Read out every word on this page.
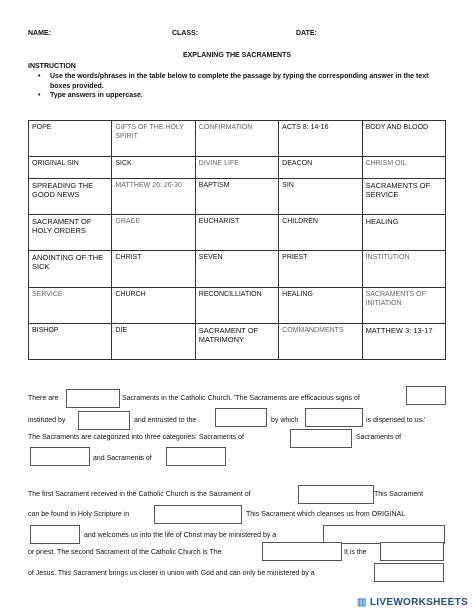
NAME:	CLASS:	DATE:
EXPLANING THE SACRAMENTS
INSTRUCTION
• Use the words/phrases in the table below to complete the passage by typing the corresponding answer in the text boxes provided.
• Type answers in uppercase.
POPE	GIFTS OF THE HOLY SPIRIT	CONFIRMATION	ACTS 8: 14-16	BODY AND BLOOD
ORIGINAL SIN	SICK	DIVINE LIFE	DEACON	CHRISM OIL
SPREADING THE GOOD NEWS	MATTHEW 26: 26-30	BAPTISM	SIN	SACRAMENTS OF SERVICE
SACRAMENT OF HOLY ORDERS	GRACE	EUCHARIST	CHILDREN	HEALING
ANOINTING OF THE SICK	CHRIST	SEVEN	PRIEST	INSTITUTION
SERVICE	CHURCH	RECONCILLIATION	HEALING	SACRAMENTS OF INITIATION
BISHOP	DIE	SACRAMENT OF MATRIMONY	COMMANDMENTS	MATTHEW 3: 13-17
There are	Sacraments in the Catholic Church. 'The Sacraments are efficacious signs of
instituted by	and entrusted to the	by which	is dispensed to us.'
The Sacraments are categorized into three categories: Sacraments of	Sacraments of
and Sacraments of	.
The first Sacrament received in the Catholic Church is the Sacrament of	This Sacrament
can be found in Holy Scripture in	This Sacrament which cleanses us from ORIGINAL
and welcomes us into the life of Christ may be ministered by a
or priest. The second Sacrament of the Catholic Church is The	It is the
of Jesus. This Sacrament brings us closer in union with God and can only be ministered by a
▥ LIVEWORKSHEETS
